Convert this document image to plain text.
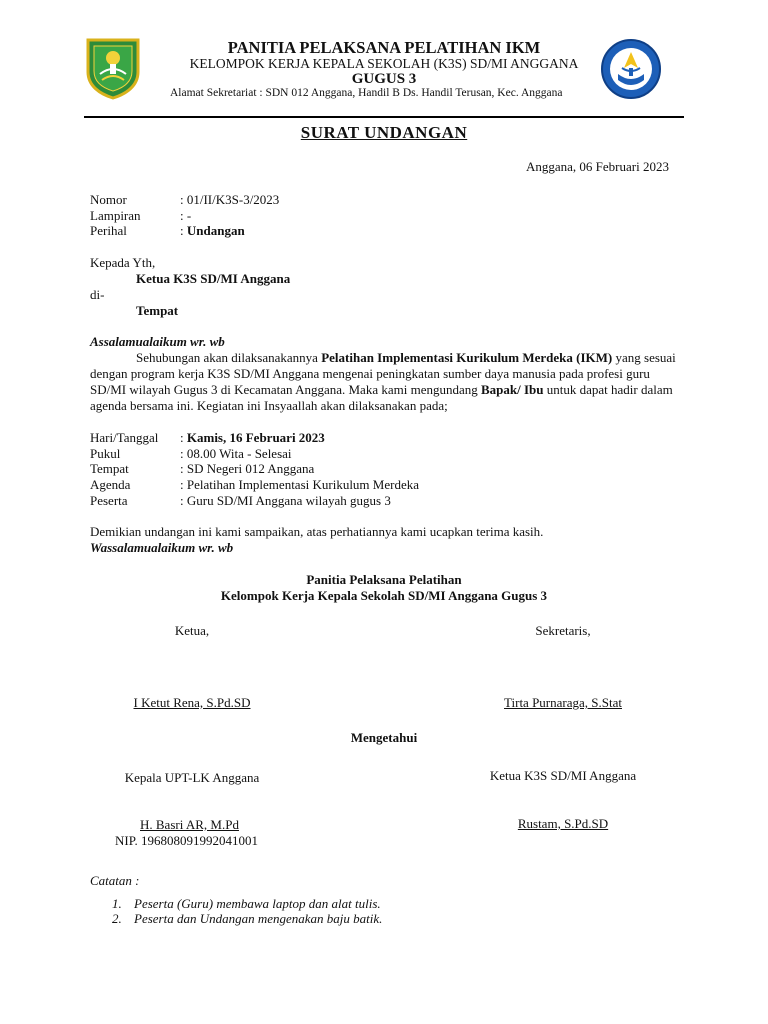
PANITIA PELAKSANA PELATIHAN IKM
KELOMPOK KERJA KEPALA SEKOLAH (K3S) SD/MI ANGGANA
GUGUS 3
Alamat Sekretariat : SDN 012 Anggana, Handil B Ds. Handil Terusan, Kec. Anggana
SURAT UNDANGAN
Anggana, 06 Februari 2023
Nomor	: 01/II/K3S-3/2023
Lampiran	: -
Perihal	: Undangan
Kepada Yth,
Ketua K3S SD/MI Anggana
di-
Tempat
Assalamualaikum wr. wb

Sehubungan akan dilaksanakannya Pelatihan Implementasi Kurikulum Merdeka (IKM) yang sesuai dengan program kerja K3S SD/MI Anggana mengenai peningkatan sumber daya manusia pada profesi guru SD/MI wilayah Gugus 3 di Kecamatan Anggana. Maka kami mengundang Bapak/ Ibu untuk dapat hadir dalam agenda bersama ini. Kegiatan ini Insyaallah akan dilaksanakan pada;

Hari/Tanggal : Kamis, 16 Februari 2023
Pukul	: 08.00 Wita - Selesai
Tempat	: SD Negeri 012 Anggana
Agenda	: Pelatihan Implementasi Kurikulum Merdeka
Peserta	: Guru SD/MI Anggana wilayah gugus 3
Demikian undangan ini kami sampaikan, atas perhatiannya kami ucapkan terima kasih.
Wassalamualaikum wr. wb
Panitia Pelaksana Pelatihan
Kelompok Kerja Kepala Sekolah SD/MI Anggana Gugus 3
Ketua,
I Ketut Rena, S.Pd.SD
Sekretaris,
Tirta Purnaraga, S.Stat
Mengetahui
Kepala UPT-LK Anggana
H. Basri AR, M.Pd
NIP. 196808091992041001
Ketua K3S SD/MI Anggana
Rustam, S.Pd.SD
Catatan :
1. Peserta (Guru) membawa laptop dan alat tulis.
2. Peserta dan Undangan mengenakan baju batik.
